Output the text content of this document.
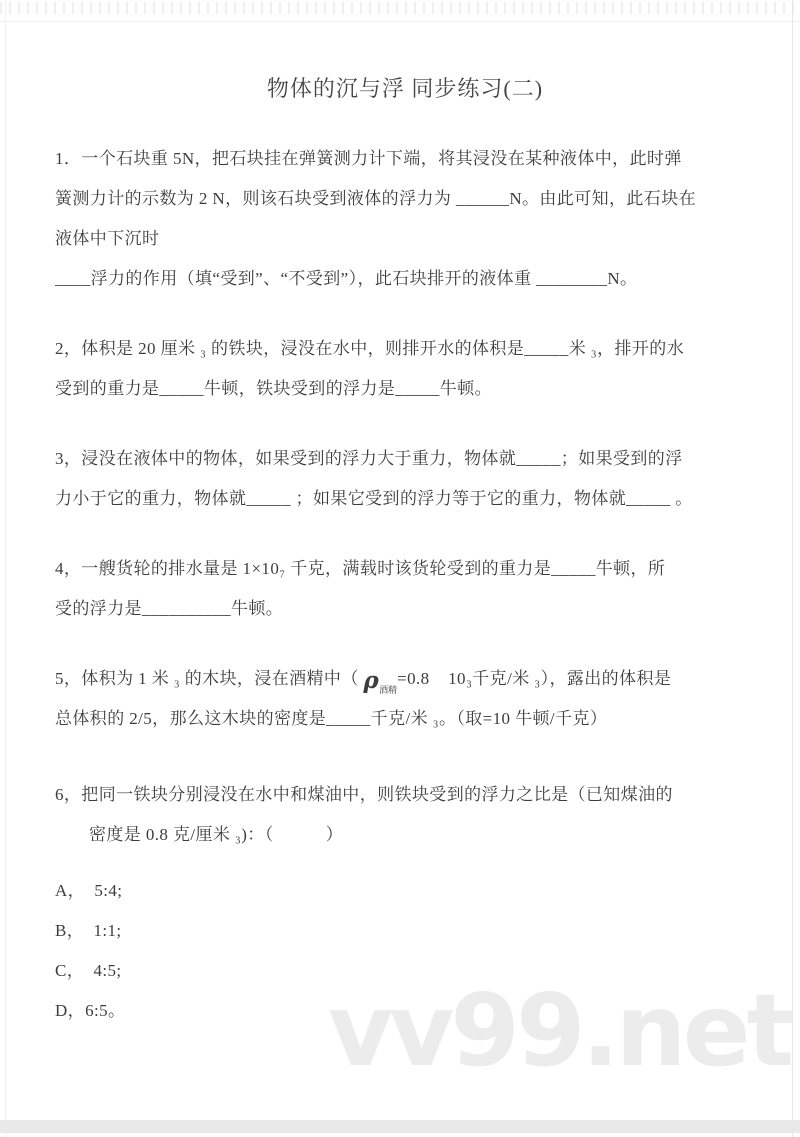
vv99.net
物体的沉与浮 同步练习(二)

1．一个石块重 5N，把石块挂在弹簧测力计下端，将其浸没在某种液体中，此时弹
簧测力计的示数为 2 N，则该石块受到液体的浮力为 ______N。由此可知，此石块在
液体中下沉时
____浮力的作用（填“受到”、“不受到”），此石块排开的液体重 ________N。

2，体积是 20 厘米 ₃ 的铁块，浸没在水中，则排开水的体积是_____米 ₃，排开的水
受到的重力是_____牛顿，铁块受到的浮力是_____牛顿。

3，浸没在液体中的物体，如果受到的浮力大于重力，物体就_____；如果受到的浮
力小于它的重力，物体就_____ ；如果它受到的浮力等于它的重力，物体就_____ 。

4，一艘货轮的排水量是 1×10₇ 千克，满载时该货轮受到的重力是_____牛顿，所
受的浮力是__________牛顿。

5，体积为 1 米 ₃ 的木块，浸在酒精中（ $\rho_{酒精}=0.8$    10₃千克/米 ₃），露出的体积是
总体积的 2/5，那么这木块的密度是_____千克/米 ₃。（取=10 牛顿/千克）

6，把同一铁块分别浸没在水中和煤油中，则铁块受到的浮力之比是（已知煤油的
密度是 0.8 克/厘米 ₃)：（　　　）

A，  5:4;

B，  1:1;

C，  4:5;

D，6:5。
